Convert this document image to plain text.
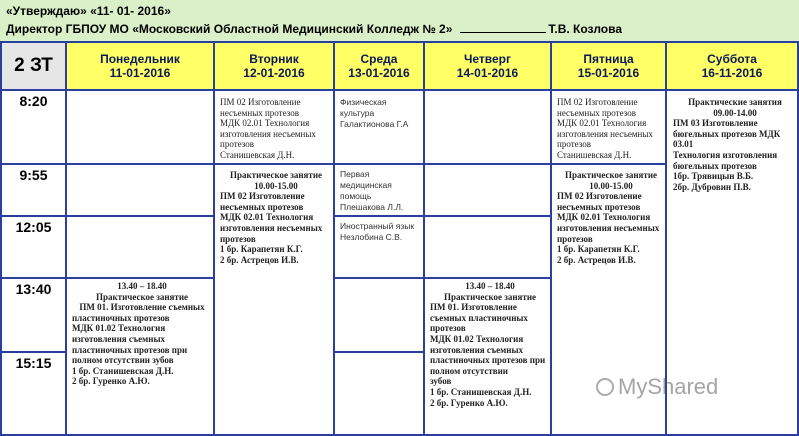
«Утверждаю» «11- 01- 2016»
Директор ГБПОУ МО «Московский Областной Медицинский Колледж № 2»	Т.В. Козлова
2 ЗТ	Понедельник
11-01-2016
Вторник
12-01-2016
Среда
13-01-2016
Четверг
14-01-2016
Пятница
15-01-2016
Суббота
16-11-2016
8:20
9:55
12:05
13:40
15:15
ПМ 02 Изготовление
несъемных протезов
МДК 02.01 Технология
изготовления несъемных
протезов
Станишевская Д.Н.
Практическое занятие
10.00-15.00
ПМ 02 Изготовление
несъемных протезов
МДК 02.01 Технология
изготовления несъемных
протезов
1 бр. Карапетян К.Г.
2 бр. Астрецов И.В.
Физическая
культура
Галактионова Г.А
Первая
медицинская
помощь
Плешакова Л.Л.
Иностранный язык
Незлобина С.В.
13.40 – 18.40
Практическое занятие
ПМ 01. Изготовление съемных
пластиночных протезов
МДК 01.02 Технология
изготовления съемных
пластиночных протезов при
полном отсутствии зубов
1 бр. Станишевская Д.Н.
2 бр. Гуренко А.Ю.
13.40 – 18.40
Практическое занятие
ПМ 01. Изготовление
съемных пластиночных
протезов
МДК 01.02 Технология
изготовления съемных
пластиночных протезов при
полном отсутствии
зубов
1 бр. Станишевская Д.Н.
2 бр. Гуренко А.Ю.
ПМ 02 Изготовление
несъемных протезов
МДК 02.01 Технология
изготовления несъемных
протезов
Станишевская Д.Н.
Практическое занятие
10.00-15.00
ПМ 02 Изготовление
несъемных протезов
МДК 02.01 Технология
изготовления несъемных
протезов
1 бр. Карапетян К.Г.
2 бр. Астрецов И.В.
Практические занятия
09.00-14.00
ПМ 03 Изготовление
бюгельных протезов МДК
03.01
Технология изготовления
бюгельных протезов
1бр. Трявицын В.Б.
2бр. Дубровин П.В.
MyShared
